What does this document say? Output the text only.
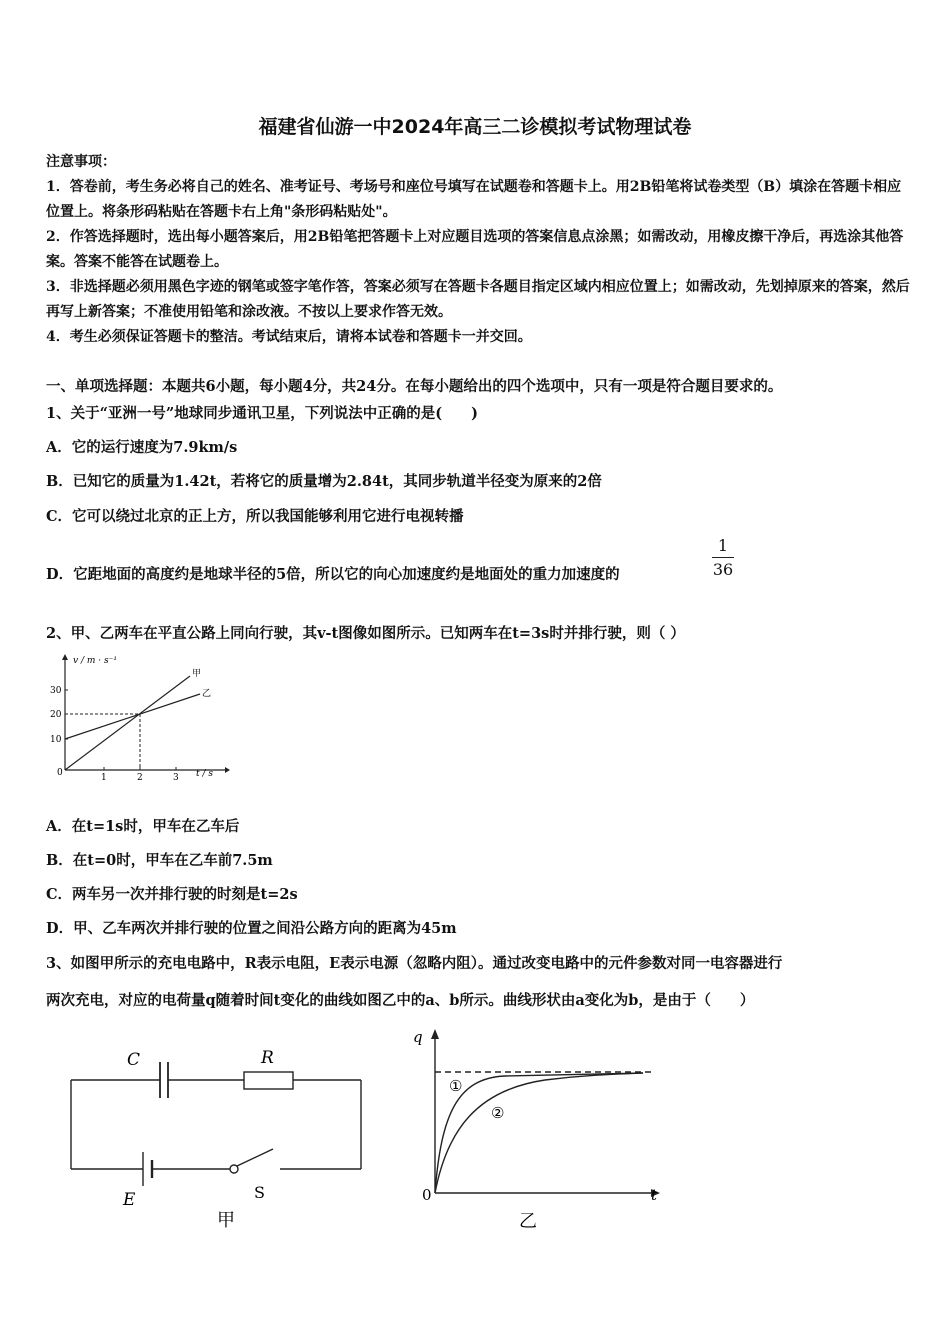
福建省仙游一中2024年高三二诊模拟考试物理试卷

注意事项：

1．答卷前，考生务必将自己的姓名、准考证号、考场号和座位号填写在试题卷和答题卡上。用2B铅笔将试卷类型（B）填涂在答题卡相应位置上。将条形码粘贴在答题卡右上角"条形码粘贴处"。

2．作答选择题时，选出每小题答案后，用2B铅笔把答题卡上对应题目选项的答案信息点涂黑；如需改动，用橡皮擦干净后，再选涂其他答案。答案不能答在试题卷上。

3．非选择题必须用黑色字迹的钢笔或签字笔作答，答案必须写在答题卡各题目指定区域内相应位置上；如需改动，先划掉原来的答案，然后再写上新答案；不准使用铅笔和涂改液。不按以上要求作答无效。

4．考生必须保证答题卡的整洁。考试结束后，请将本试卷和答题卡一并交回。

一、单项选择题：本题共6小题，每小题4分，共24分。在每小题给出的四个选项中，只有一项是符合题目要求的。
1、关于“亚洲一号”地球同步通讯卫星，下列说法中正确的是(　　)
A．它的运行速度为7.9km/s
B．已知它的质量为1.42t，若将它的质量增为2.84t，其同步轨道半径变为原来的2倍
C．它可以绕过北京的正上方，所以我国能够利用它进行电视转播
D．它距地面的高度约是地球半径的5倍，所以它的向心加速度约是地面处的重力加速度的
1
36
2、甲、乙两车在平直公路上同向行驶，其v-t图像如图所示。已知两车在t=3s时并排行驶，则（ ）
v / m · s⁻¹
t / s
0
10
20
30
1	2	3
甲
乙
A．在t=1s时，甲车在乙车后
B．在t=0时，甲车在乙车前7.5m
C．两车另一次并排行驶的时刻是t=2s
D．甲、乙车两次并排行驶的位置之间沿公路方向的距离为45m
3、如图甲所示的充电电路中，R表示电阻，E表示电源（忽略内阻）。通过改变电路中的元件参数对同一电容器进行
两次充电，对应的电荷量q随着时间t变化的曲线如图乙中的a、b所示。曲线形状由a变化为b，是由于（　　）
C	R
E	S
甲
q
t
0
①
②
乙
